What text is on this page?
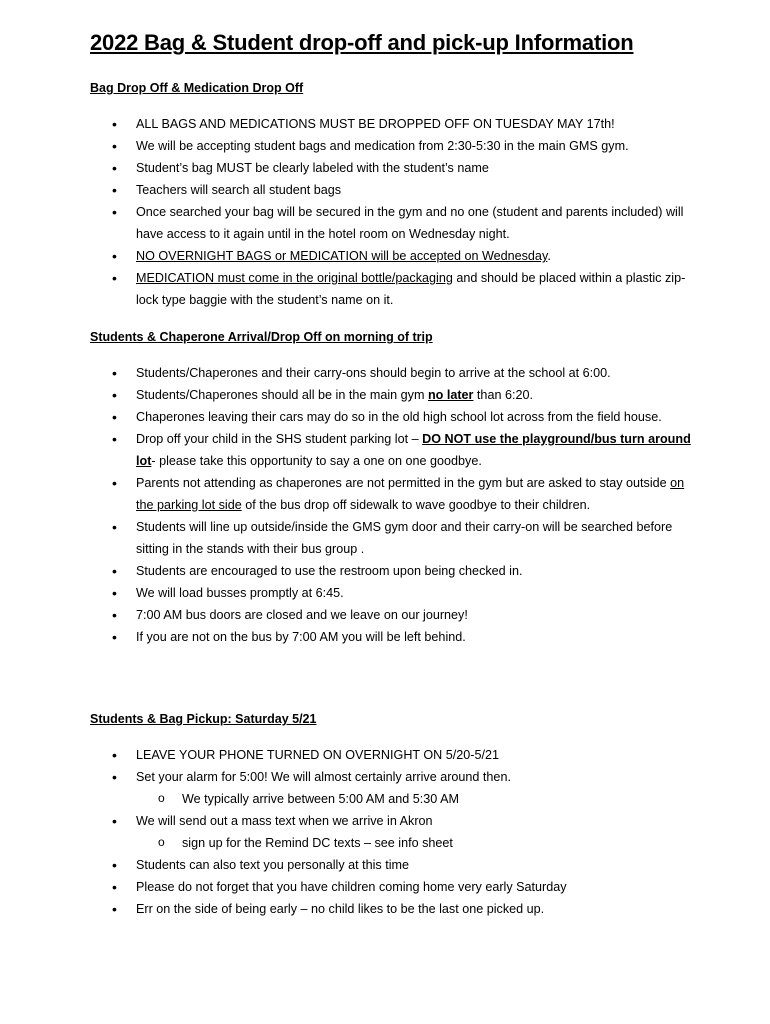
2022 Bag & Student drop-off and pick-up Information

Bag Drop Off & Medication Drop Off

• ALL BAGS AND MEDICATIONS MUST BE DROPPED OFF ON TUESDAY MAY 17th!
• We will be accepting student bags and medication from 2:30-5:30 in the main GMS gym.
• Student’s bag MUST be clearly labeled with the student’s name
• Teachers will search all student bags
• Once searched your bag will be secured in the gym and no one (student and parents included) will have access to it again until in the hotel room on Wednesday night.
• NO OVERNIGHT BAGS or MEDICATION will be accepted on Wednesday.
• MEDICATION must come in the original bottle/packaging and should be placed within a plastic zip-lock type baggie with the student’s name on it.

Students & Chaperone Arrival/Drop Off on morning of trip

• Students/Chaperones and their carry-ons should begin to arrive at the school at 6:00.
• Students/Chaperones should all be in the main gym no later than 6:20.
• Chaperones leaving their cars may do so in the old high school lot across from the field house.
• Drop off your child in the SHS student parking lot – DO NOT use the playground/bus turn around lot- please take this opportunity to say a one on one goodbye.
• Parents not attending as chaperones are not permitted in the gym but are asked to stay outside on the parking lot side of the bus drop off sidewalk to wave goodbye to their children.
• Students will line up outside/inside the GMS gym door and their carry-on will be searched before sitting in the stands with their bus group .
• Students are encouraged to use the restroom upon being checked in.
• We will load busses promptly at 6:45.
• 7:00 AM bus doors are closed and we leave on our journey!
• If you are not on the bus by 7:00 AM you will be left behind.

Students & Bag Pickup: Saturday 5/21

• LEAVE YOUR PHONE TURNED ON OVERNIGHT ON 5/20-5/21
• Set your alarm for 5:00! We will almost certainly arrive around then.
o We typically arrive between 5:00 AM and 5:30 AM
• We will send out a mass text when we arrive in Akron
o sign up for the Remind DC texts – see info sheet
• Students can also text you personally at this time
• Please do not forget that you have children coming home very early Saturday
• Err on the side of being early – no child likes to be the last one picked up.
